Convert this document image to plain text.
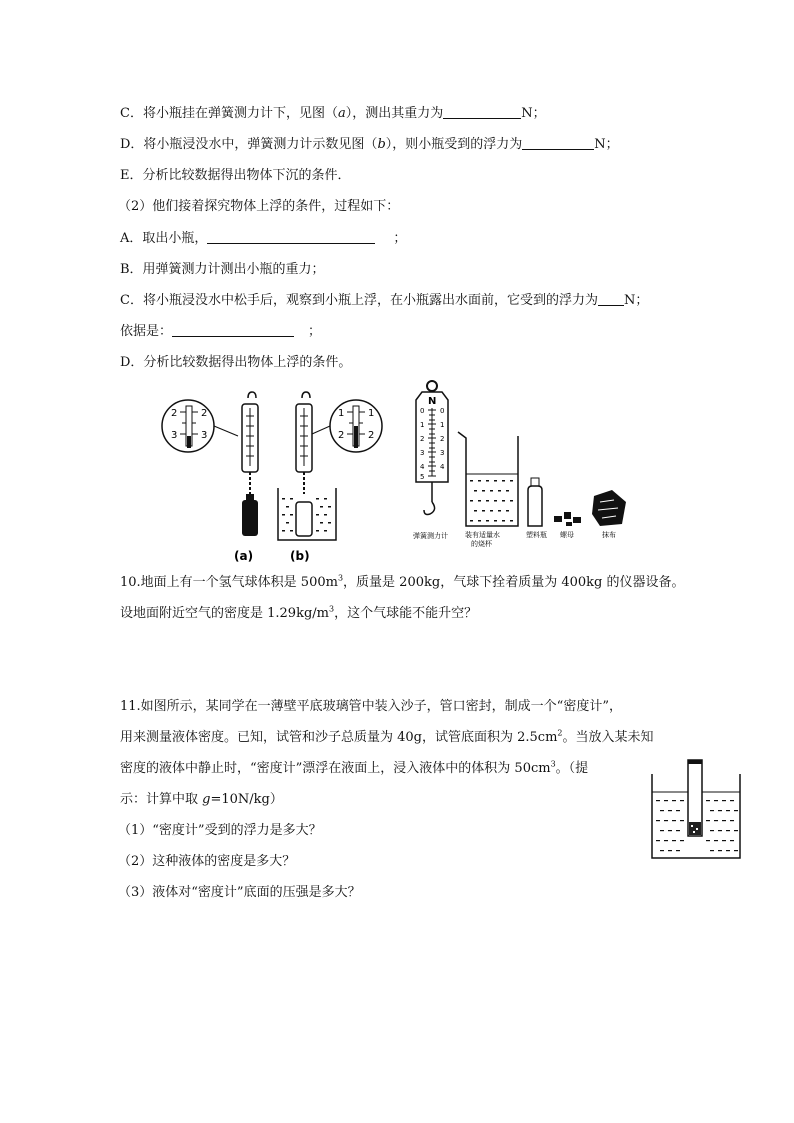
C．将小瓶挂在弹簧测力计下，见图（a），测出其重力为	N；
D．将小瓶浸没水中，弹簧测力计示数见图（b），则小瓶受到的浮力为	N；
E．分析比较数据得出物体下沉的条件．
（2）他们接着探究物体上浮的条件，过程如下：
A．取出小瓶，	；
B．用弹簧测力计测出小瓶的重力；
C．将小瓶浸没水中松手后，观察到小瓶上浮，在小瓶露出水面前，它受到的浮力为 N；
依据是：	；
D．分析比较数据得出物体上浮的条件。
2
3
2
3
(a)	(b)
1
2
1
2
N
0
1
2
3
4
5
0
1
2
3
4
弹簧测力计 装有适量水
的烧杯
塑料瓶 螺母	抹布
10.地面上有一个氢气球体积是 $500m^3$，质量是 200kg，气球下拴着质量为 400kg 的仪器设备。
设地面附近空气的密度是 $1.29kg/m^3$，这个气球能不能升空？
11.如图所示，某同学在一薄壁平底玻璃管中装入沙子，管口密封，制成一个“密度计”，
用来测量液体密度。已知，试管和沙子总质量为 40g，试管底面积为 $2.5cm^2$。当放入某未知
密度的液体中静止时，“密度计”漂浮在液面上，浸入液体中的体积为 $50cm^3$。（提
示：计算中取 g=10N/kg）
（1）“密度计”受到的浮力是多大？
（2）这种液体的密度是多大？
（3）液体对“密度计”底面的压强是多大？
